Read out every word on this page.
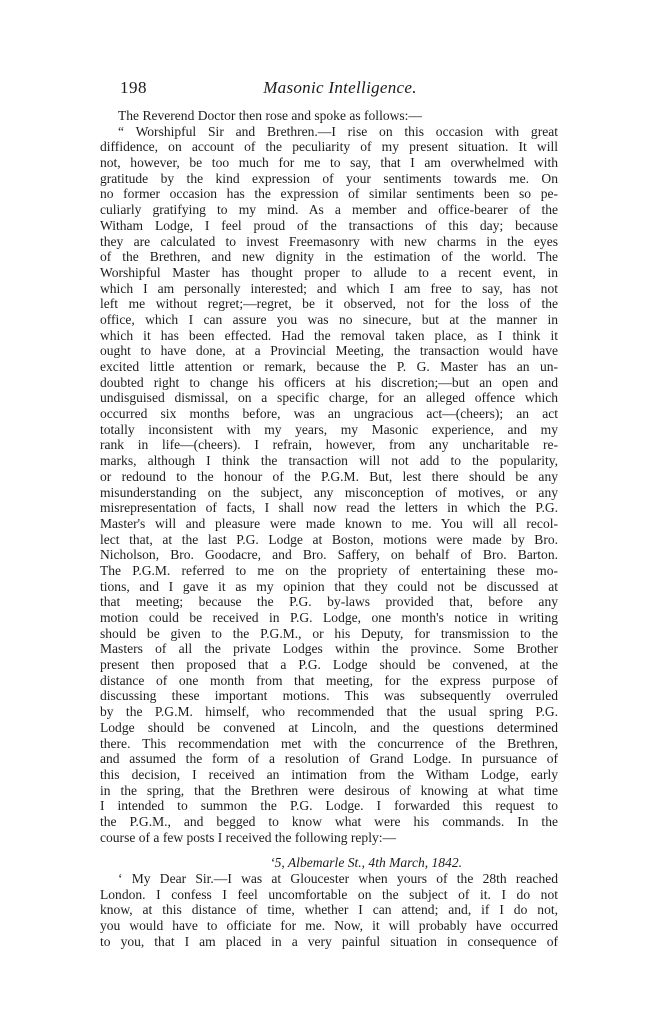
198	Masonic Intelligence.
The Reverend Doctor then rose and spoke as follows:—
“ Worshipful Sir and Brethren.—I rise on this occasion with great
diffidence, on account of the peculiarity of my present situation. It will
not, however, be too much for me to say, that I am overwhelmed with
gratitude by the kind expression of your sentiments towards me. On
no former occasion has the expression of similar sentiments been so pe-
culiarly gratifying to my mind. As a member and office-bearer of the
Witham Lodge, I feel proud of the transactions of this day; because
they are calculated to invest Freemasonry with new charms in the eyes
of the Brethren, and new dignity in the estimation of the world. The
Worshipful Master has thought proper to allude to a recent event, in
which I am personally interested; and which I am free to say, has not
left me without regret;—regret, be it observed, not for the loss of the
office, which I can assure you was no sinecure, but at the manner in
which it has been effected. Had the removal taken place, as I think it
ought to have done, at a Provincial Meeting, the transaction would have
excited little attention or remark, because the P. G. Master has an un-
doubted right to change his officers at his discretion;—but an open and
undisguised dismissal, on a specific charge, for an alleged offence which
occurred six months before, was an ungracious act—(cheers); an act
totally inconsistent with my years, my Masonic experience, and my
rank in life—(cheers). I refrain, however, from any uncharitable re-
marks, although I think the transaction will not add to the popularity,
or redound to the honour of the P.G.M. But, lest there should be any
misunderstanding on the subject, any misconception of motives, or any
misrepresentation of facts, I shall now read the letters in which the P.G.
Master's will and pleasure were made known to me. You will all recol-
lect that, at the last P.G. Lodge at Boston, motions were made by Bro.
Nicholson, Bro. Goodacre, and Bro. Saffery, on behalf of Bro. Barton.
The P.G.M. referred to me on the propriety of entertaining these mo-
tions, and I gave it as my opinion that they could not be discussed at
that meeting; because the P.G. by-laws provided that, before any
motion could be received in P.G. Lodge, one month's notice in writing
should be given to the P.G.M., or his Deputy, for transmission to the
Masters of all the private Lodges within the province. Some Brother
present then proposed that a P.G. Lodge should be convened, at the
distance of one month from that meeting, for the express purpose of
discussing these important motions. This was subsequently overruled
by the P.G.M. himself, who recommended that the usual spring P.G.
Lodge should be convened at Lincoln, and the questions determined
there. This recommendation met with the concurrence of the Brethren,
and assumed the form of a resolution of Grand Lodge. In pursuance of
this decision, I received an intimation from the Witham Lodge, early
in the spring, that the Brethren were desirous of knowing at what time
I intended to summon the P.G. Lodge. I forwarded this request to
the P.G.M., and begged to know what were his commands. In the
course of a few posts I received the following reply:—
‘5, Albemarle St., 4th March, 1842.
‘ My Dear Sir.—I was at Gloucester when yours of the 28th reached
London. I confess I feel uncomfortable on the subject of it. I do not
know, at this distance of time, whether I can attend; and, if I do not,
you would have to officiate for me. Now, it will probably have occurred
to you, that I am placed in a very painful situation in consequence of
